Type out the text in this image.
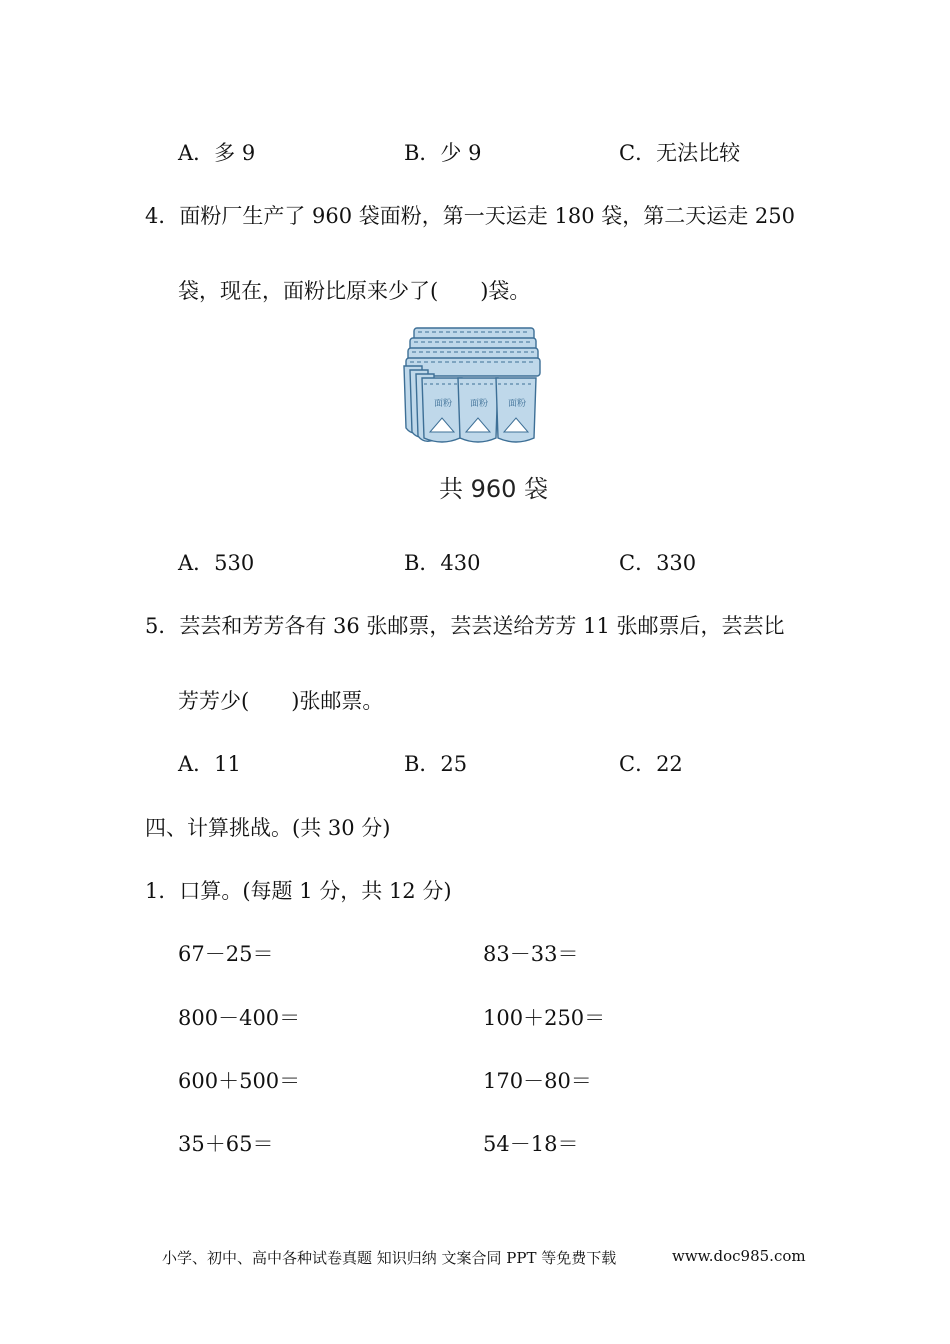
A．多 9	B．少 9	C．无法比较
4．面粉厂生产了 960 袋面粉，第一天运走 180 袋，第二天运走 250
袋，现在，面粉比原来少了( )袋。
面粉 面粉 面粉
共 960 袋
A．530	B．430	C．330
5．芸芸和芳芳各有 36 张邮票，芸芸送给芳芳 11 张邮票后，芸芸比
芳芳少( )张邮票。
A．11	B．25	C．22
四、计算挑战。(共 30 分)
1．口算。(每题 1 分，共 12 分)
67－25＝	83－33＝
800－400＝	100＋250＝
600＋500＝	170－80＝
35＋65＝	54－18＝
小学、初中、高中各种试卷真题 知识归纳 文案合同 PPT 等免费下载	www.doc985.com
